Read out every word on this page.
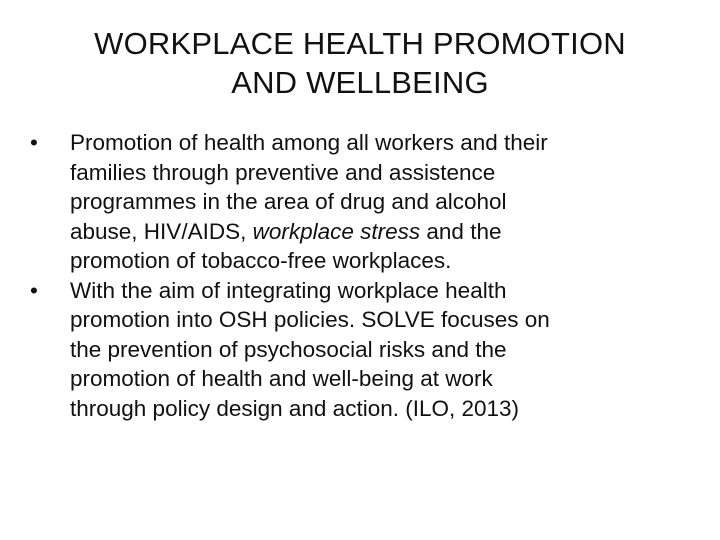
WORKPLACE HEALTH PROMOTION
AND WELLBEING
•	Promotion of health among all workers and their
families through preventive and assistence
programmes in the area of drug and alcohol
abuse, HIV/AIDS, workplace stress and the
promotion of tobacco-free workplaces.
•	With the aim of integrating workplace health
promotion into OSH policies. SOLVE focuses on
the prevention of psychosocial risks and the
promotion of health and well-being at work
through policy design and action. (ILO, 2013)
